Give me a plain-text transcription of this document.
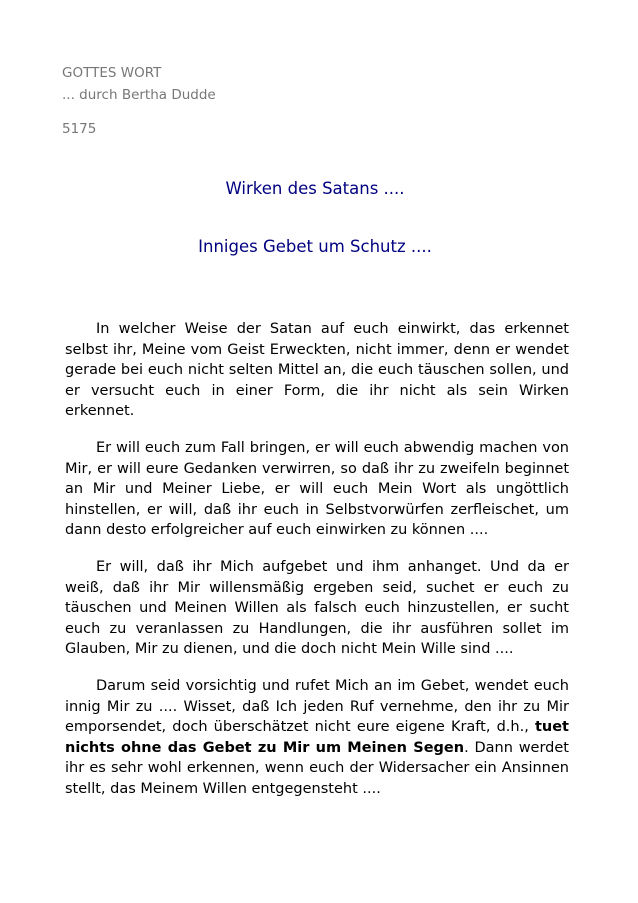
GOTTES WORT
... durch Bertha Dudde
5175
Wirken des Satans ....
Inniges Gebet um Schutz ....

In welcher Weise der Satan auf euch einwirkt, das erkennet selbst ihr, Meine vom Geist Erweckten, nicht immer, denn er wendet gerade bei euch nicht selten Mittel an, die euch täuschen sollen, und er versucht euch in einer Form, die ihr nicht als sein Wirken erkennet.

Er will euch zum Fall bringen, er will euch abwendig machen von Mir, er will eure Gedanken verwirren, so daß ihr zu zweifeln beginnet an Mir und Meiner Liebe, er will euch Mein Wort als ungöttlich hinstellen, er will, daß ihr euch in Selbstvorwürfen zerfleischet, um dann desto erfolgreicher auf euch einwirken zu können ....

Er will, daß ihr Mich aufgebet und ihm anhanget. Und da er weiß, daß ihr Mir willensmäßig ergeben seid, suchet er euch zu täuschen und Meinen Willen als falsch euch hinzustellen, er sucht euch zu veranlassen zu Handlungen, die ihr ausführen sollet im Glauben, Mir zu dienen, und die doch nicht Mein Wille sind ....

Darum seid vorsichtig und rufet Mich an im Gebet, wendet euch innig Mir zu .... Wisset, daß Ich jeden Ruf vernehme, den ihr zu Mir emporsendet, doch überschätzet nicht eure eigene Kraft, d.h., tuet nichts ohne das Gebet zu Mir um Meinen Segen. Dann werdet ihr es sehr wohl erkennen, wenn euch der Widersacher ein Ansinnen stellt, das Meinem Willen entgegensteht ....
